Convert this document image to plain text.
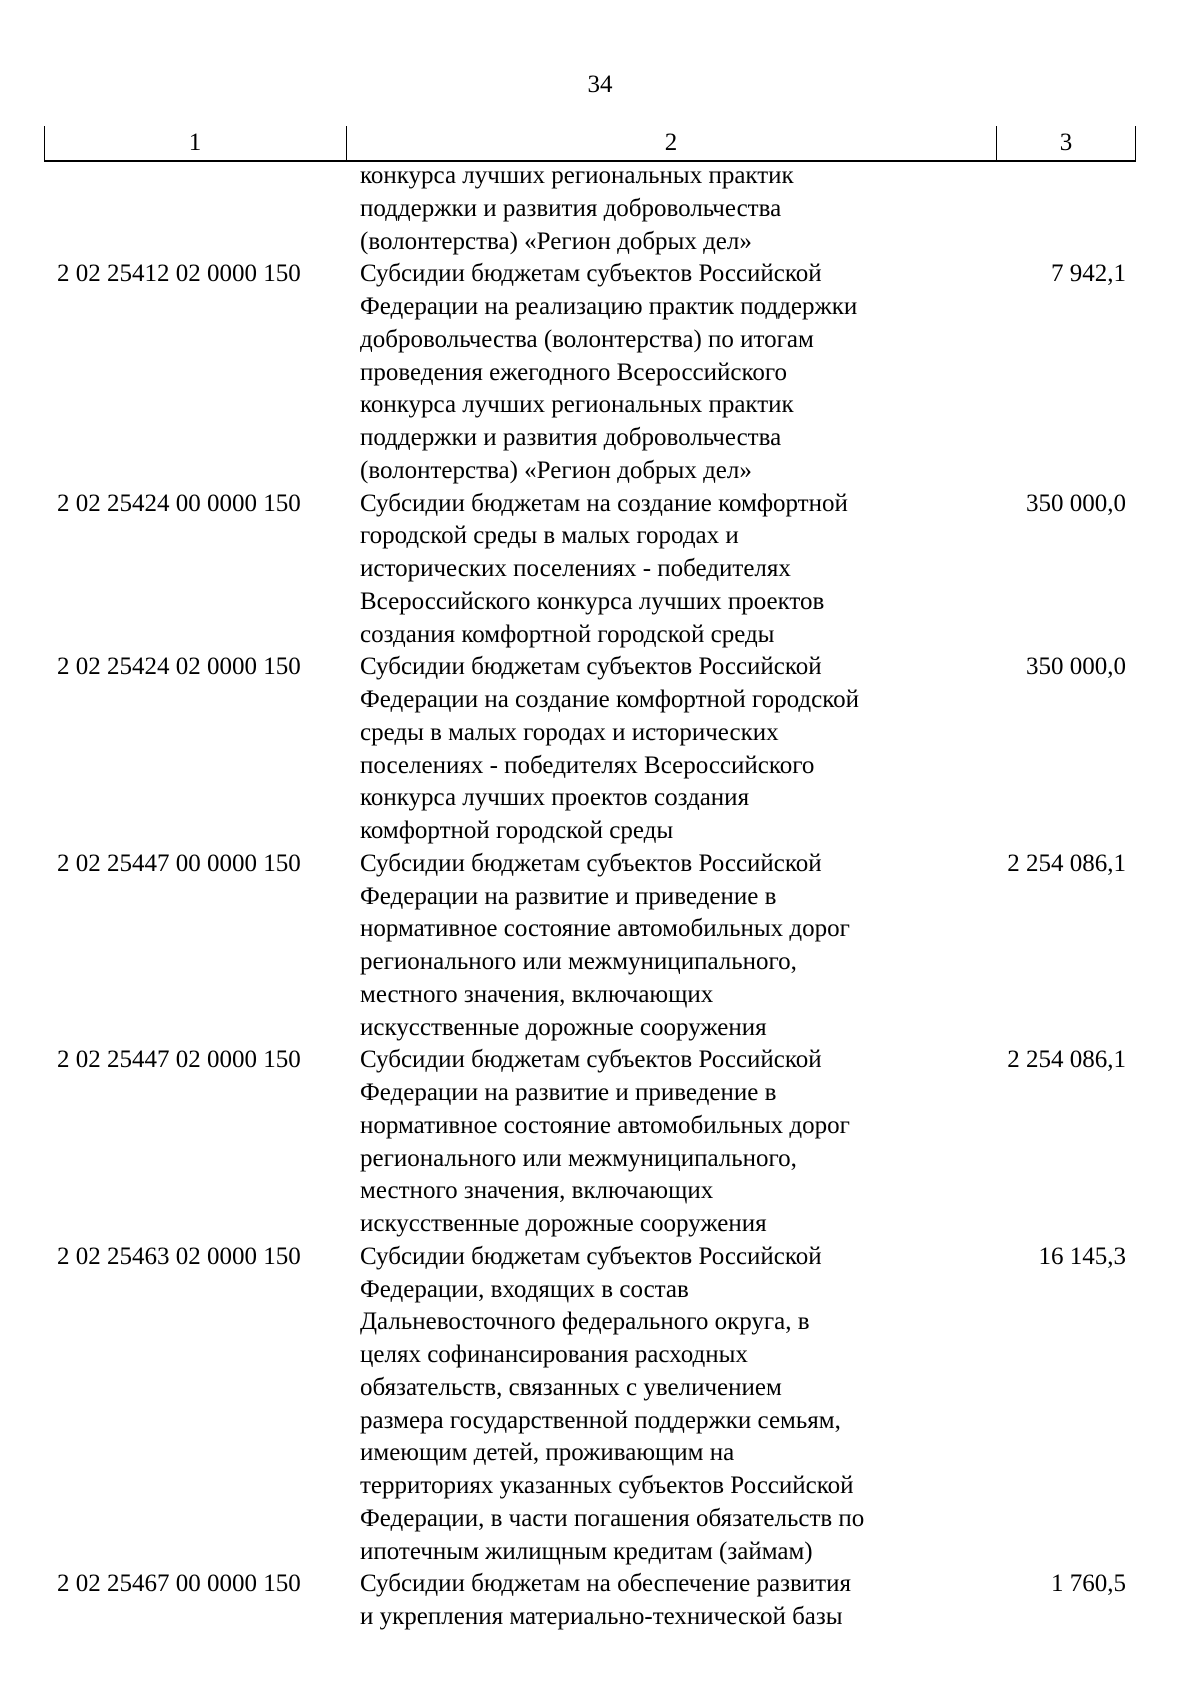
34
1	2	3
конкурса лучших региональных практик
поддержки и развития добровольчества
(волонтерства) «Регион добрых дел»
2 02 25412 02 0000 150	Субсидии бюджетам субъектов Российской
Федерации на реализацию практик поддержки
добровольчества (волонтерства) по итогам
проведения ежегодного Всероссийского
конкурса лучших региональных практик
поддержки и развития добровольчества
(волонтерства) «Регион добрых дел»
7 942,1
2 02 25424 00 0000 150	Субсидии бюджетам на создание комфортной
городской среды в малых городах и
исторических поселениях - победителях
Всероссийского конкурса лучших проектов
создания комфортной городской среды
350 000,0
2 02 25424 02 0000 150	Субсидии бюджетам субъектов Российской
Федерации на создание комфортной городской
среды в малых городах и исторических
поселениях - победителях Всероссийского
конкурса лучших проектов создания
комфортной городской среды
350 000,0
2 02 25447 00 0000 150	Субсидии бюджетам субъектов Российской
Федерации на развитие и приведение в
нормативное состояние автомобильных дорог
регионального или межмуниципального,
местного значения, включающих
искусственные дорожные сооружения
2 254 086,1
2 02 25447 02 0000 150	Субсидии бюджетам субъектов Российской
Федерации на развитие и приведение в
нормативное состояние автомобильных дорог
регионального или межмуниципального,
местного значения, включающих
искусственные дорожные сооружения
2 254 086,1
2 02 25463 02 0000 150	Субсидии бюджетам субъектов Российской
Федерации, входящих в состав
Дальневосточного федерального округа, в
целях софинансирования расходных
обязательств, связанных с увеличением
размера государственной поддержки семьям,
имеющим детей, проживающим на
территориях указанных субъектов Российской
Федерации, в части погашения обязательств по
ипотечным жилищным кредитам (займам)
16 145,3
2 02 25467 00 0000 150	Субсидии бюджетам на обеспечение развития
и укрепления материально-технической базы
1 760,5
